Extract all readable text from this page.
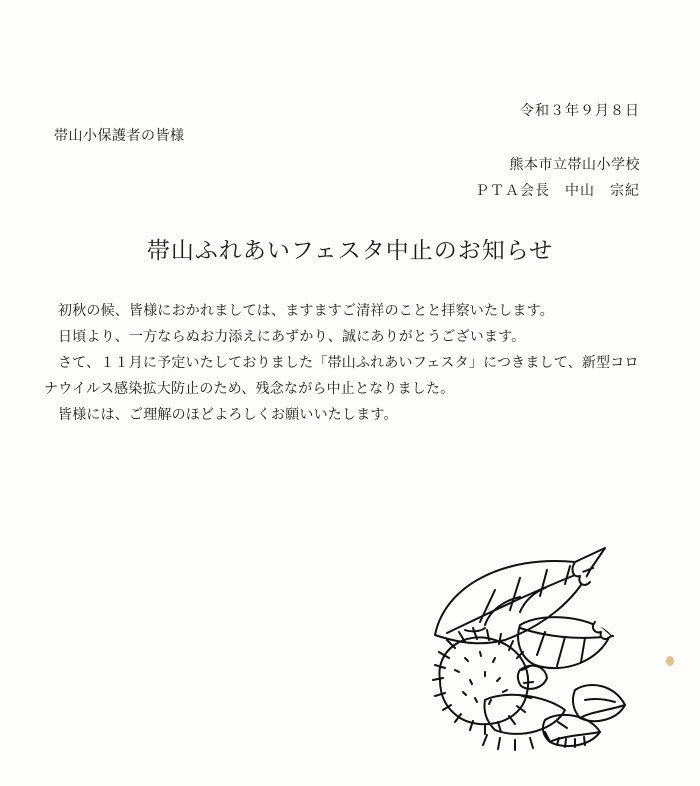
令和３年９月８日
帯山小保護者の皆様
熊本市立帯山小学校
ＰＴＡ会長　中山　宗紀
帯山ふれあいフェスタ中止のお知らせ

初秋の候、皆様におかれましては、ますますご清祥のことと拝察いたします。

日頃より、一方ならぬお力添えにあずかり、誠にありがとうございます。

さて、１１月に予定いたしておりました「帯山ふれあいフェスタ」につきまして、新型コロナウイルス感染拡大防止のため、残念ながら中止となりました。

皆様には、ご理解のほどよろしくお願いいたします。
